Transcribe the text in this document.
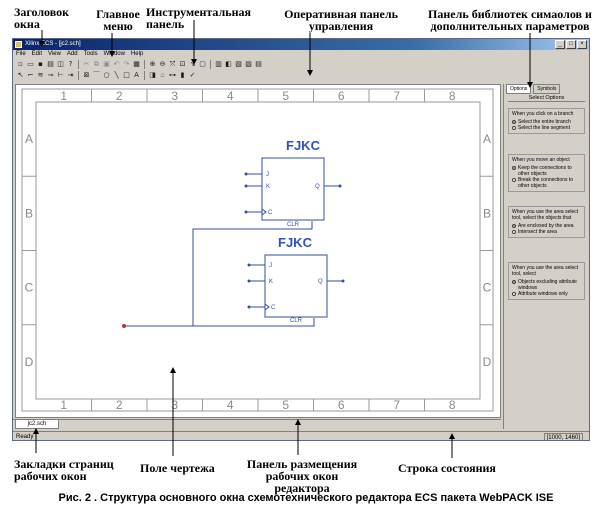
Заголовок окна
Главное меню
Инструментальная панель
Оперативная панель управления
Панель библиотек симаолов и дополнительных параметров
Xilinx ECS - [jc2.sch]	_	□	×
File Edit View Add Tools Window Help
▫ ▭ ▪ ▤ ◫ ?	✂ ⧉ ▣ ↶ ↷ ▦ ⊕ ⊖ ⤧ ⊡ ↘ ▢ ▥ ◧ ▧ ▨ ▤
↖ ⌐ ≋ ⊸ ⊢ ⇥ ⊠ ⌒ ○ ╲ □ A	◨ ⌂ ⊶ ▮ ✓
1
1
2
2
3
3
4
4
5
5
6
6
7
7
8
8
A	A
B	B
C	C
D	D
FJKC
J
K
C
Q
CLR
FJKC
J
K
C
Q
CLR
Options	Symbols
Select Options
When you click on a branch
Select the entire branch
Select the line segment
When you move an object
Keep the connections to other objects
Break the connections to other objects
When you use the area select tool, select the objects that
Are enclosed by the area
Intersect the area
When you use the area select tool, select
Objects excluding attribute windows
Attribute windows only
jc2.sch
Ready	[1000, 1460]
Закладки страниц рабочих окон
Поле чертежа	Панель размещения рабочих окон редактора
Строка состояния
Рис. 2 . Структура основного окна схемотехнического редактора ECS пакета WebPACK ISE
